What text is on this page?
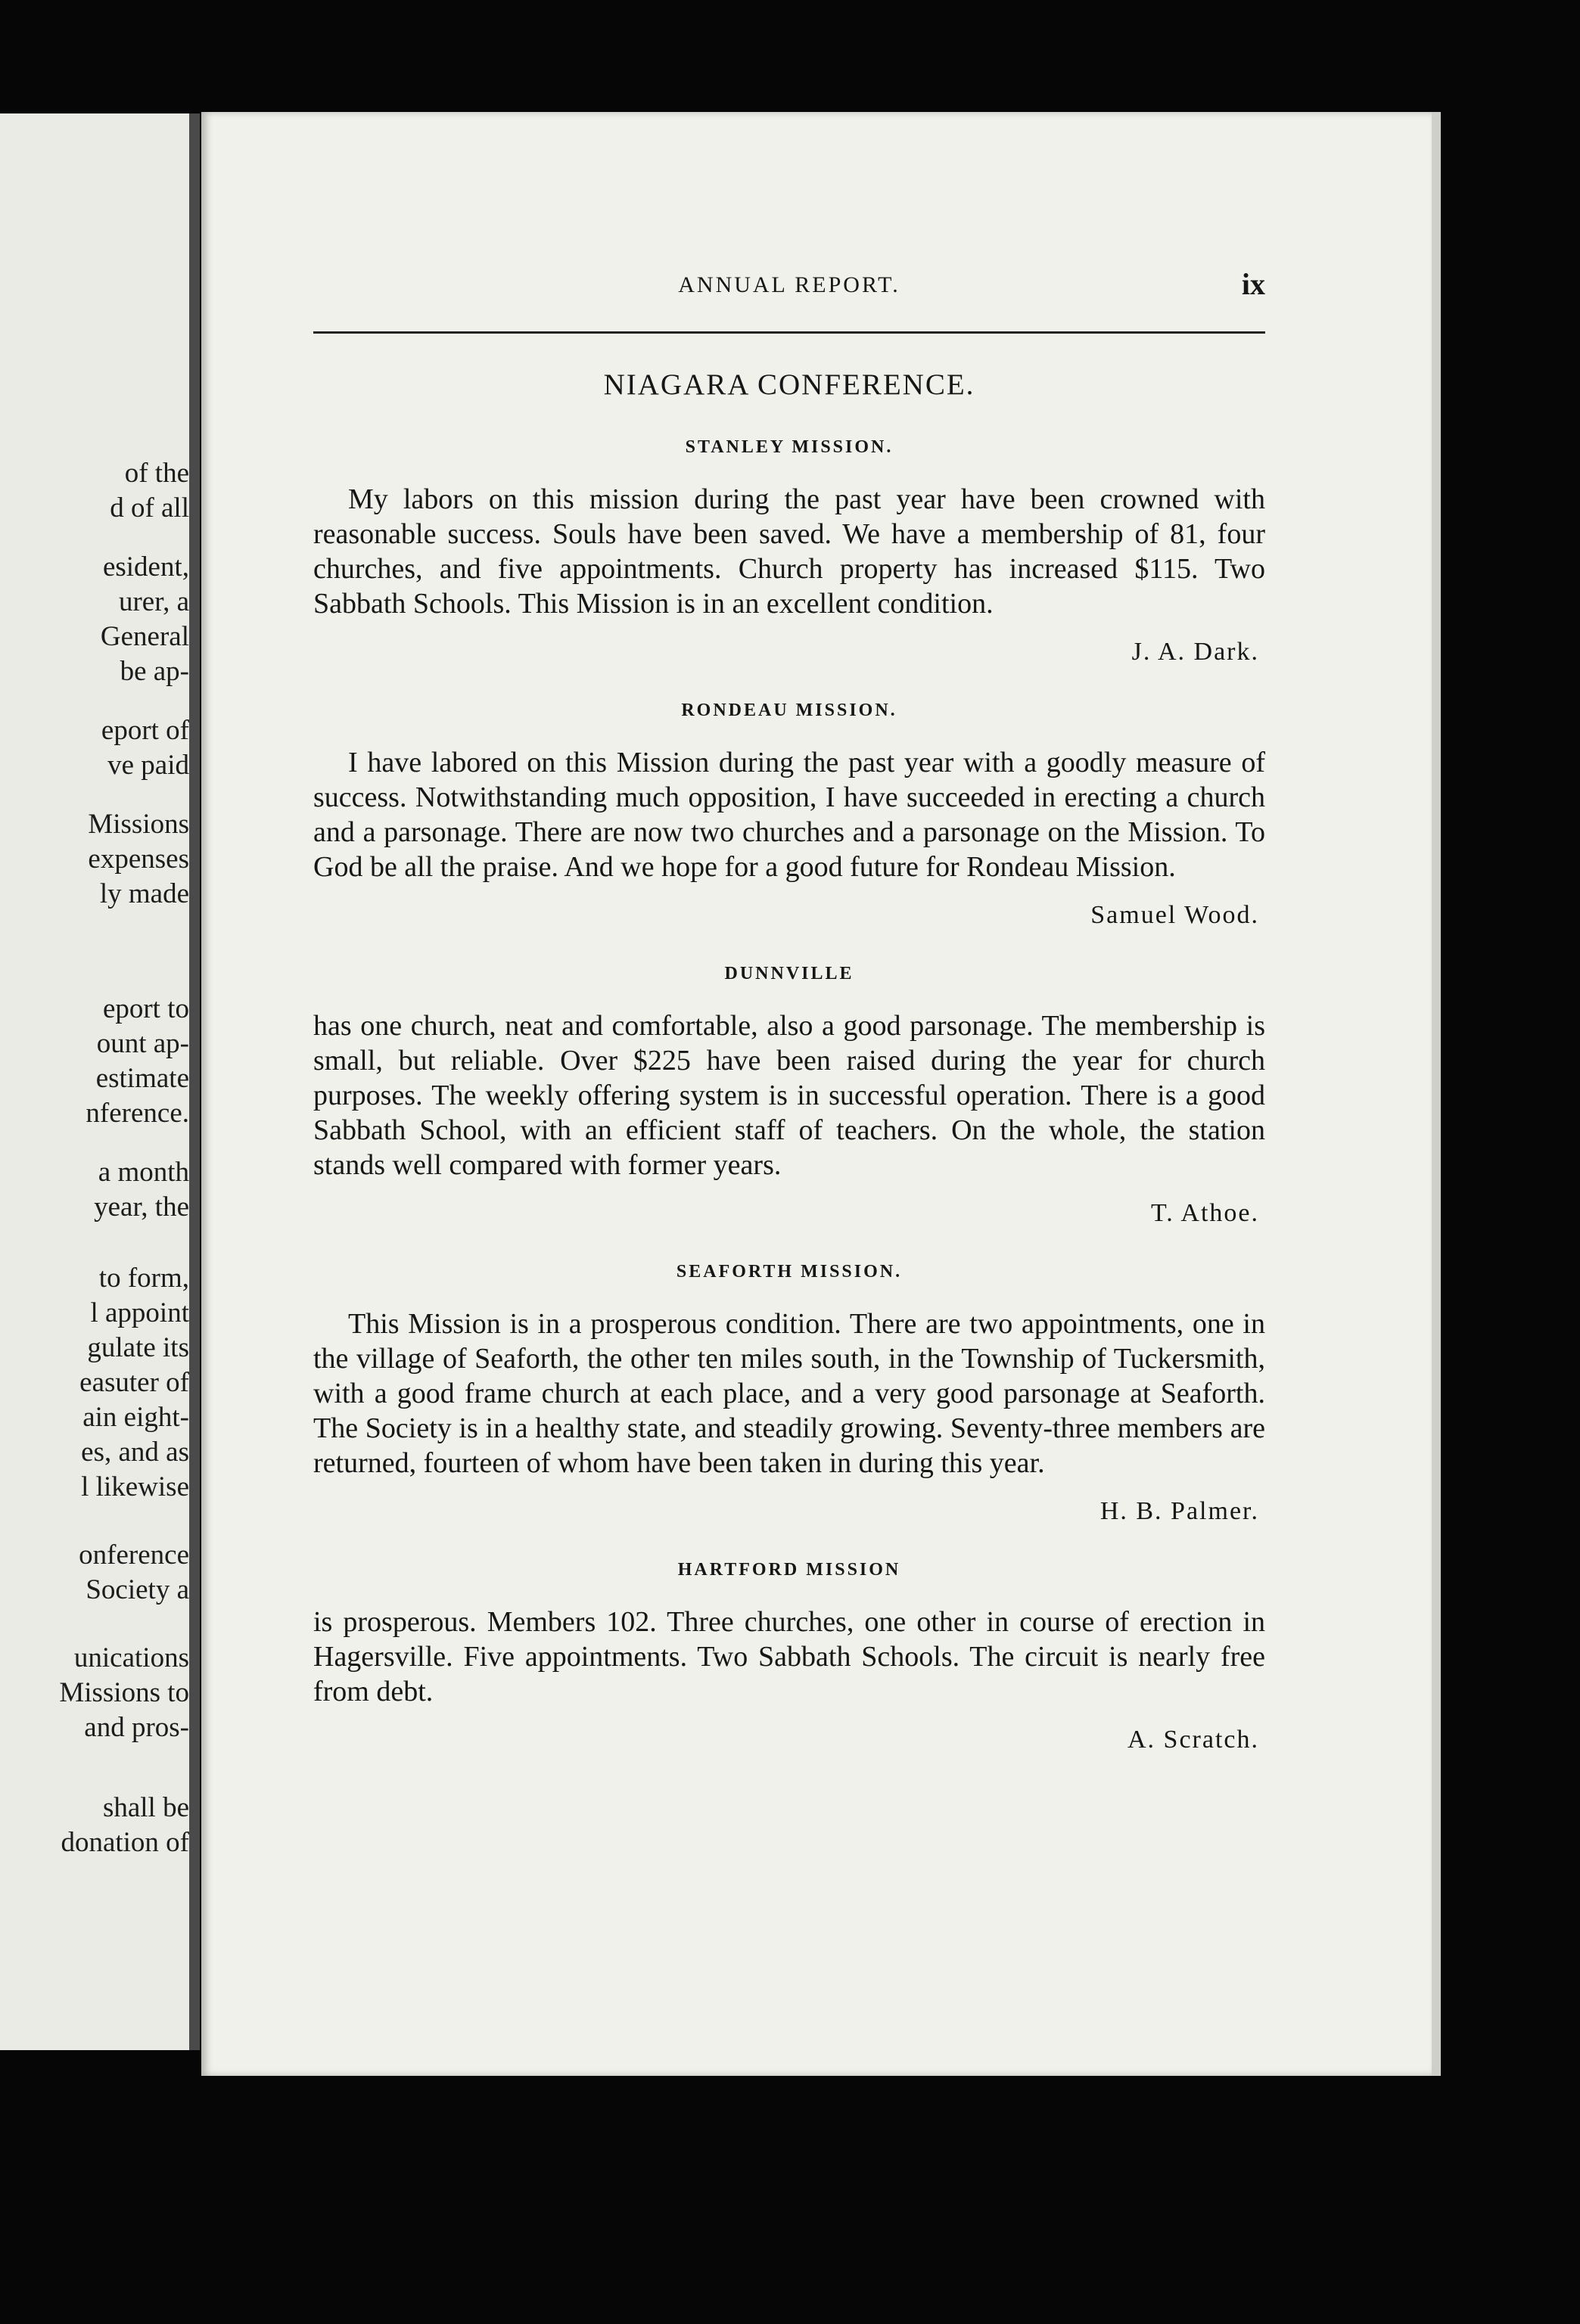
of the
d of all
esident,
urer, a
General
be ap-
eport of
ve paid
Missions
expenses
ly made
eport to
ount ap-
estimate
nference.
a month
year, the
to form,
l appoint
gulate its
easuter of
ain eight-
es, and as
l likewise
onference
Society a
unications
Missions to
and pros-
shall be
donation of
ANNUAL REPORT.	ix
NIAGARA CONFERENCE.
STANLEY MISSION.
My labors on this mission during the past year have been crowned with reasonable success. Souls have been saved. We have a membership of 81, four churches, and five appointments. Church property has increased $115. Two Sabbath Schools. This Mission is in an excellent condition.
J. A. Dark.
RONDEAU MISSION.
I have labored on this Mission during the past year with a goodly measure of success. Notwithstanding much opposition, I have succeeded in erecting a church and a parsonage. There are now two churches and a parsonage on the Mission. To God be all the praise. And we hope for a good future for Rondeau Mission.
Samuel Wood.
DUNNVILLE
has one church, neat and comfortable, also a good parsonage. The membership is small, but reliable. Over $225 have been raised during the year for church purposes. The weekly offering system is in successful operation. There is a good Sabbath School, with an efficient staff of teachers. On the whole, the station stands well compared with former years.
T. Athoe.
SEAFORTH MISSION.
This Mission is in a prosperous condition. There are two appointments, one in the village of Seaforth, the other ten miles south, in the Township of Tuckersmith, with a good frame church at each place, and a very good parsonage at Seaforth. The Society is in a healthy state, and steadily growing. Seventy-three members are returned, fourteen of whom have been taken in during this year.
H. B. Palmer.
HARTFORD MISSION
is prosperous. Members 102. Three churches, one other in course of erection in Hagersville. Five appointments. Two Sabbath Schools. The circuit is nearly free from debt.
A. Scratch.
